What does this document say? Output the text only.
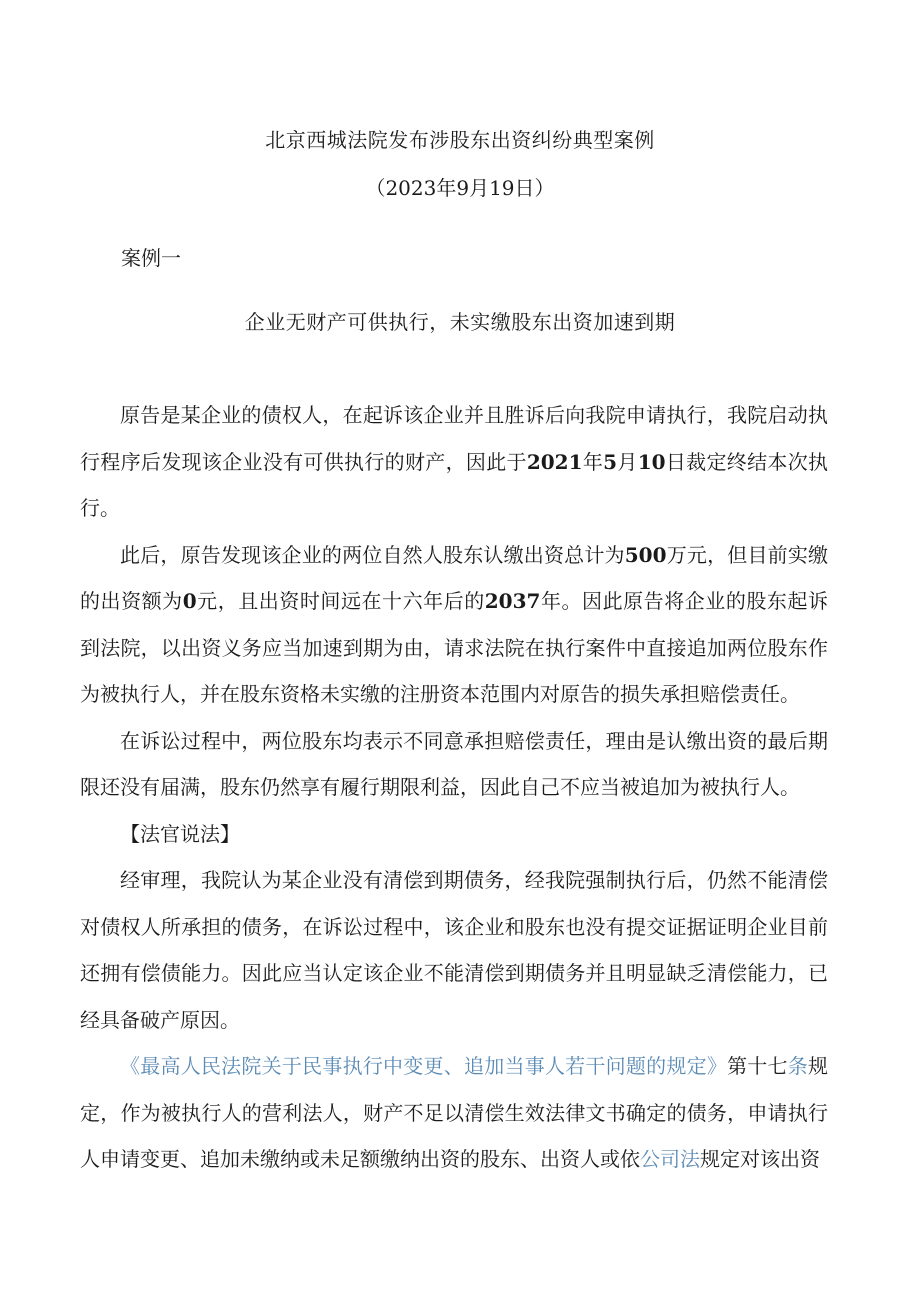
北京西城法院发布涉股东出资纠纷典型案例
（2023年9月19日）
案例一
企业无财产可供执行，未实缴股东出资加速到期

原告是某企业的债权人，在起诉该企业并且胜诉后向我院申请执行，我院启动执行程序后发现该企业没有可供执行的财产，因此于2021年5月10日裁定终结本次执行。

此后，原告发现该企业的两位自然人股东认缴出资总计为500万元，但目前实缴的出资额为0元，且出资时间远在十六年后的2037年。因此原告将企业的股东起诉到法院，以出资义务应当加速到期为由，请求法院在执行案件中直接追加两位股东作为被执行人，并在股东资格未实缴的注册资本范围内对原告的损失承担赔偿责任。

在诉讼过程中，两位股东均表示不同意承担赔偿责任，理由是认缴出资的最后期限还没有届满，股东仍然享有履行期限利益，因此自己不应当被追加为被执行人。

【法官说法】

经审理，我院认为某企业没有清偿到期债务，经我院强制执行后，仍然不能清偿对债权人所承担的债务，在诉讼过程中，该企业和股东也没有提交证据证明企业目前还拥有偿债能力。因此应当认定该企业不能清偿到期债务并且明显缺乏清偿能力，已经具备破产原因。

《最高人民法院关于民事执行中变更、追加当事人若干问题的规定》第十七条规定，作为被执行人的营利法人，财产不足以清偿生效法律文书确定的债务，申请执行人申请变更、追加未缴纳或未足额缴纳出资的股东、出资人或依公司法规定对该出资
